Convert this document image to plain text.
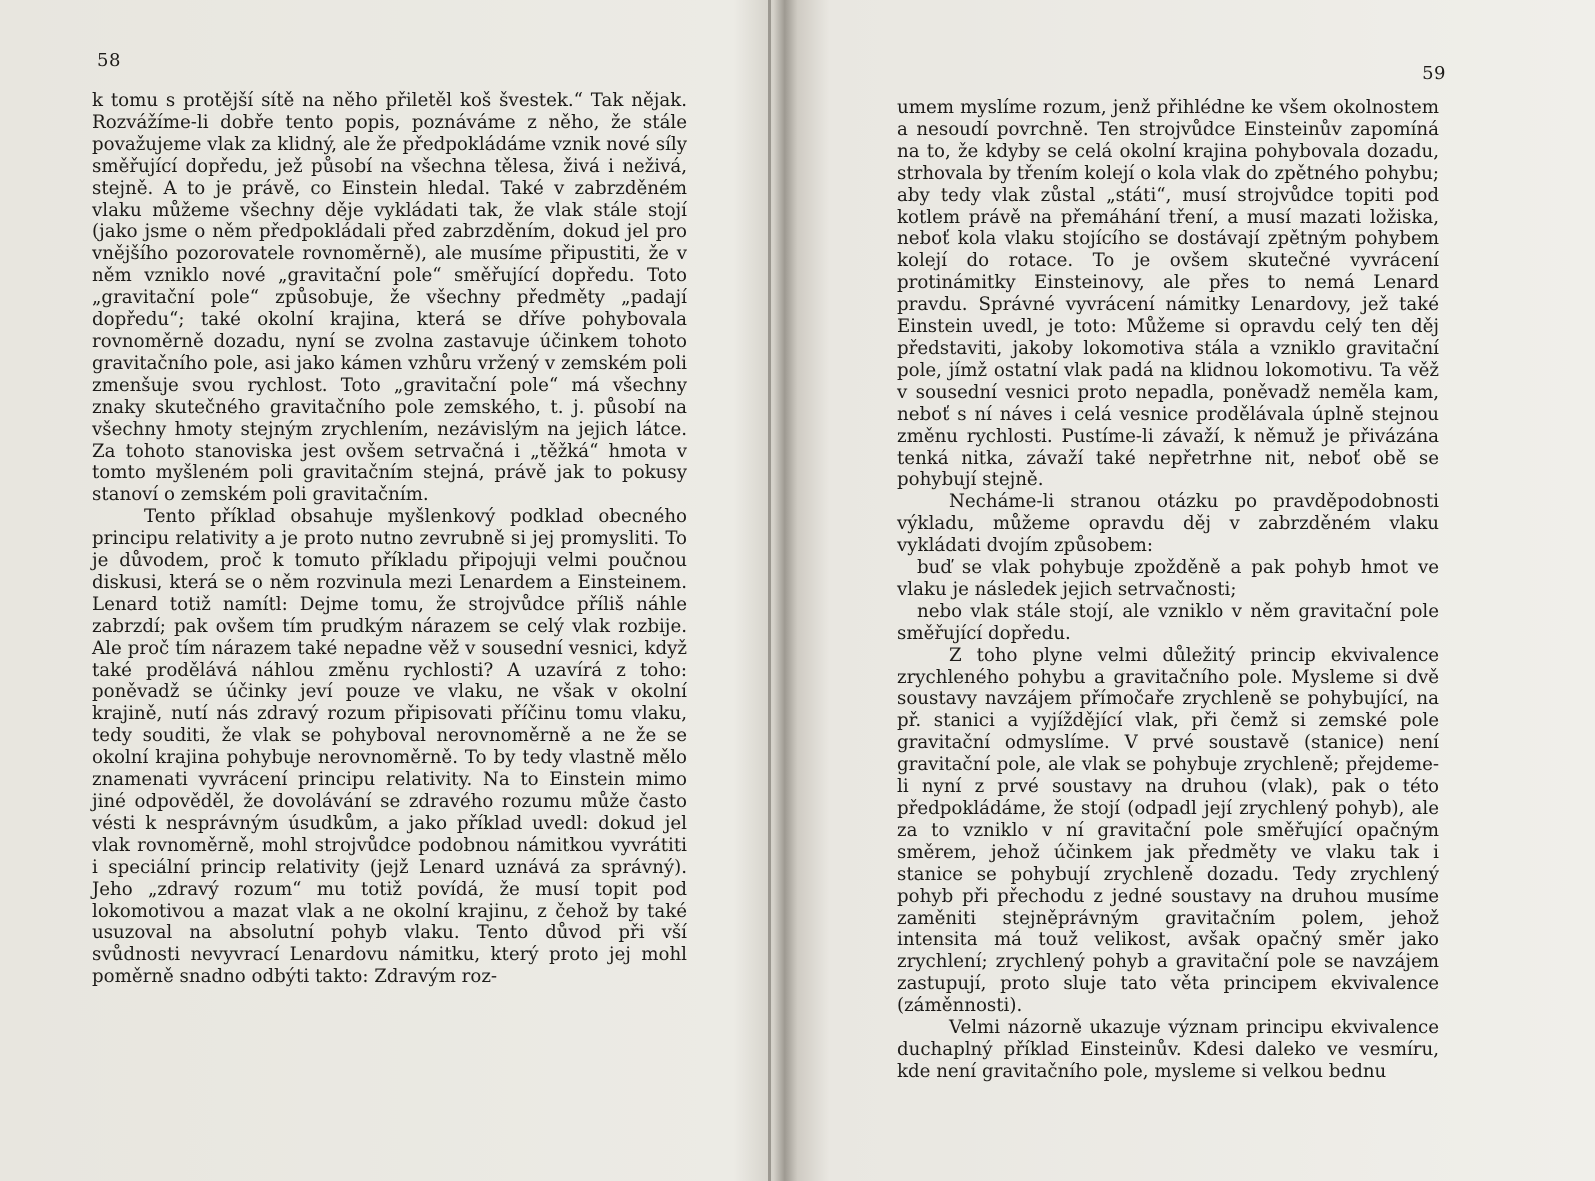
58

k tomu s protější sítě na něho přiletěl koš švestek.“ Tak nějak. Rozvážíme-li dobře tento popis, poznáváme z něho, že stále považujeme vlak za klidný, ale že předpokládáme vznik nové síly směřující dopředu, jež působí na všechna tělesa, živá i neživá, stejně. A to je právě, co Einstein hledal. Také v zabrzděném vlaku můžeme všechny děje vykládati tak, že vlak stále stojí (jako jsme o něm předpokládali před zabrzděním, dokud jel pro vnějšího pozorovatele rovnoměrně), ale musíme připustiti, že v něm vzniklo nové „gravitační pole“ směřující dopředu. Toto „gravitační pole“ způsobuje, že všechny předměty „padají dopředu“; také okolní krajina, která se dříve pohybovala rovnoměrně dozadu, nyní se zvolna zastavuje účinkem tohoto gravitačního pole, asi jako kámen vzhůru vržený v zemském poli zmenšuje svou rychlost. Toto „gravitační pole“ má všechny znaky skutečného gravitačního pole zemského, t. j. působí na všechny hmoty stejným zrychlením, nezávislým na jejich látce. Za tohoto stanoviska jest ovšem setrvačná i „těžká“ hmota v tomto myšleném poli gravitačním stejná, právě jak to pokusy stanoví o zemském poli gravitačním.

Tento příklad obsahuje myšlenkový podklad obecného principu relativity a je proto nutno zevrubně si jej promysliti. To je důvodem, proč k tomuto příkladu připojuji velmi poučnou diskusi, která se o něm rozvinula mezi Lenardem a Einsteinem. Lenard totiž namítl: Dejme tomu, že strojvůdce příliš náhle zabrzdí; pak ovšem tím prudkým nárazem se celý vlak rozbije. Ale proč tím nárazem také nepadne věž v sousední vesnici, když také prodělává náhlou změnu rychlosti? A uzavírá z toho: poněvadž se účinky jeví pouze ve vlaku, ne však v okolní krajině, nutí nás zdravý rozum připisovati příčinu tomu vlaku, tedy souditi, že vlak se pohyboval nerovnoměrně a ne že se okolní krajina pohybuje nerovnoměrně. To by tedy vlastně mělo znamenati vyvrácení principu relativity. Na to Einstein mimo jiné odpověděl, že dovolávání se zdravého rozumu může často vésti k nesprávným úsudkům, a jako příklad uvedl: dokud jel vlak rovnoměrně, mohl strojvůdce podobnou námitkou vyvrátiti i speciální princip relativity (jejž Lenard uznává za správný). Jeho „zdravý rozum“ mu totiž povídá, že musí topit pod lokomotivou a mazat vlak a ne okolní krajinu, z čehož by také usuzoval na absolutní pohyb vlaku. Tento důvod při vší svůdnosti nevyvrací Lenardovu námitku, který proto jej mohl poměrně snadno odbýti takto: Zdravým roz-

59

umem myslíme rozum, jenž přihlédne ke všem okolnostem a nesoudí povrchně. Ten strojvůdce Einsteinův zapomíná na to, že kdyby se celá okolní krajina pohybovala dozadu, strhovala by třením kolejí o kola vlak do zpětného pohybu; aby tedy vlak zůstal „státi“, musí strojvůdce topiti pod kotlem právě na přemáhání tření, a musí mazati ložiska, neboť kola vlaku stojícího se dostávají zpětným pohybem kolejí do rotace. To je ovšem skutečné vyvrácení protinámitky Einsteinovy, ale přes to nemá Lenard pravdu. Správné vyvrácení námitky Lenardovy, jež také Einstein uvedl, je toto: Můžeme si opravdu celý ten děj představiti, jakoby lokomotiva stála a vzniklo gravitační pole, jímž ostatní vlak padá na klidnou lokomotivu. Ta věž v sousední vesnici proto nepadla, poněvadž neměla kam, neboť s ní náves i celá vesnice prodělávala úplně stejnou změnu rychlosti. Pustíme-li závaží, k němuž je přivázána tenká nitka, závaží také nepřetrhne nit, neboť obě se pohybují stejně.

Necháme-li stranou otázku po pravděpodobnosti výkladu, můžeme opravdu děj v zabrzděném vlaku vykládati dvojím způsobem:

buď se vlak pohybuje zpožděně a pak pohyb hmot ve vlaku je následek jejich setrvačnosti;

nebo vlak stále stojí, ale vzniklo v něm gravitační pole směřující dopředu.

Z toho plyne velmi důležitý princip ekvivalence zrychleného pohybu a gravitačního pole. Mysleme si dvě soustavy navzájem přímočaře zrychleně se pohybující, na př. stanici a vyjíždějící vlak, při čemž si zemské pole gravitační odmyslíme. V prvé soustavě (stanice) není gravitační pole, ale vlak se pohybuje zrychleně; přejdeme-li nyní z prvé soustavy na druhou (vlak), pak o této předpokládáme, že stojí (odpadl její zrychlený pohyb), ale za to vzniklo v ní gravitační pole směřující opačným směrem, jehož účinkem jak předměty ve vlaku tak i stanice se pohybují zrychleně dozadu. Tedy zrychlený pohyb při přechodu z jedné soustavy na druhou musíme zaměniti stejněprávným gravitačním polem, jehož intensita má touž velikost, avšak opačný směr jako zrychlení; zrychlený pohyb a gravitační pole se navzájem zastupují, proto sluje tato věta principem ekvivalence (záměnnosti).

Velmi názorně ukazuje význam principu ekvivalence duchaplný příklad Einsteinův. Kdesi daleko ve vesmíru, kde není gravitačního pole, mysleme si velkou bednu
